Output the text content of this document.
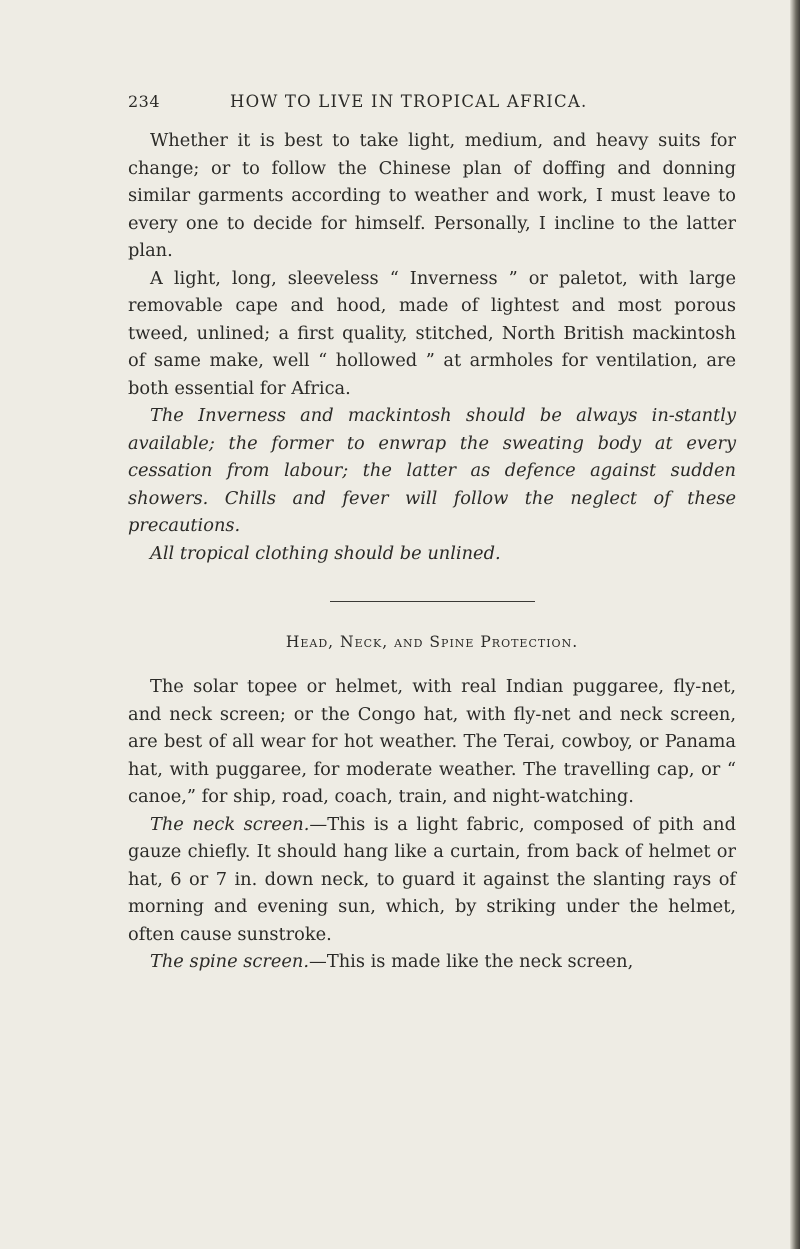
234	HOW TO LIVE IN TROPICAL AFRICA.

Whether it is best to take light, medium, and heavy suits for change; or to follow the Chinese plan of doffing and donning similar garments according to weather and work, I must leave to every one to decide for himself. Personally, I incline to the latter plan.

A light, long, sleeveless “ Inverness ” or paletot, with large removable cape and hood, made of lightest and most porous tweed, unlined; a first quality, stitched, North British mackintosh of same make, well “ hollowed ” at armholes for ventilation, are both essential for Africa.

The Inverness and mackintosh should be always in-stantly available; the former to enwrap the sweating body at every cessation from labour; the latter as defence against sudden showers. Chills and fever will follow the neglect of these precautions.

All tropical clothing should be unlined.

Head, Neck, and Spine Protection.

The solar topee or helmet, with real Indian puggaree, fly-net, and neck screen; or the Congo hat, with fly-net and neck screen, are best of all wear for hot weather. The Terai, cowboy, or Panama hat, with puggaree, for moderate weather. The travelling cap, or “ canoe,” for ship, road, coach, train, and night-watching.

The neck screen.—This is a light fabric, composed of pith and gauze chiefly. It should hang like a curtain, from back of helmet or hat, 6 or 7 in. down neck, to guard it against the slanting rays of morning and evening sun, which, by striking under the helmet, often cause sunstroke.

The spine screen.—This is made like the neck screen,
